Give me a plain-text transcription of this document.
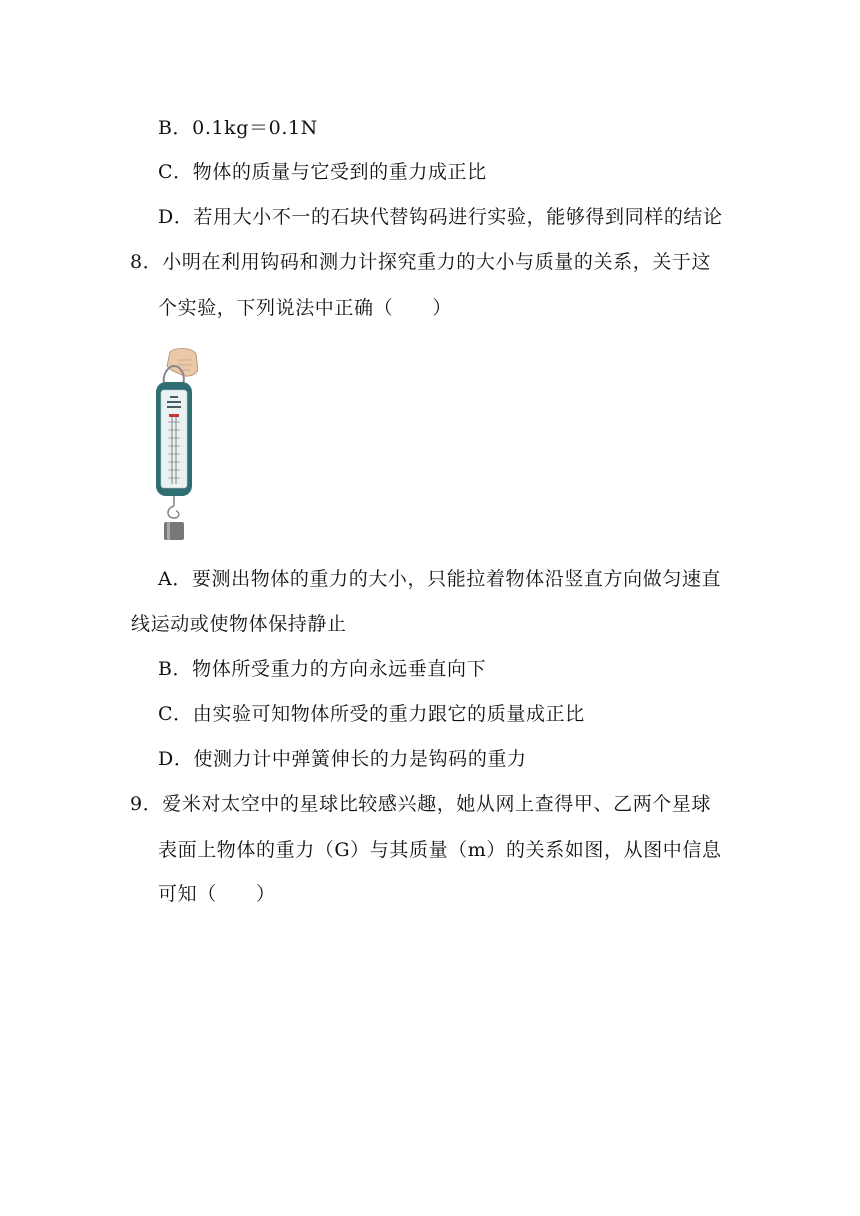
B．0.1kg＝0.1N
C．物体的质量与它受到的重力成正比
D．若用大小不一的石块代替钩码进行实验，能够得到同样的结论
8．小明在利用钩码和测力计探究重力的大小与质量的关系，关于这
个实验，下列说法中正确（　　）
A．要测出物体的重力的大小，只能拉着物体沿竖直方向做匀速直
线运动或使物体保持静止
B．物体所受重力的方向永远垂直向下
C．由实验可知物体所受的重力跟它的质量成正比
D．使测力计中弹簧伸长的力是钩码的重力
9．爱米对太空中的星球比较感兴趣，她从网上查得甲、乙两个星球
表面上物体的重力（G）与其质量（m）的关系如图，从图中信息
可知（　　）
